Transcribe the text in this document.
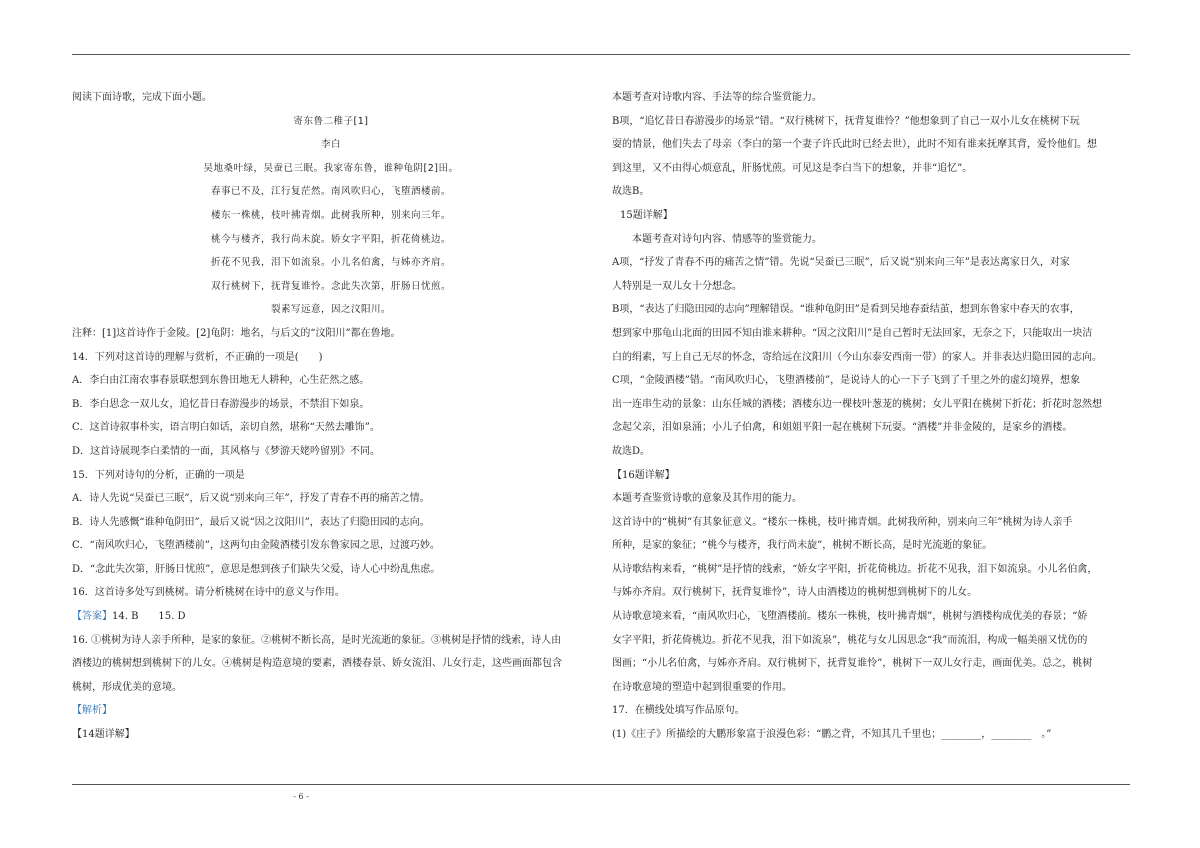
阅读下面诗歌，完成下面小题。

寄东鲁二稚子[1]

李白

吴地桑叶绿，吴蚕已三眠。我家寄东鲁，谁种龟阴[2]田。

春事已不及，江行复茫然。南风吹归心，飞堕酒楼前。

楼东一株桃，枝叶拂青烟。此树我所种，别来向三年。

桃今与楼齐，我行尚未旋。娇女字平阳，折花倚桃边。

折花不见我，泪下如流泉。小儿名伯禽，与姊亦齐肩。

双行桃树下，抚背复谁怜。念此失次第，肝肠日忧煎。

裂素写远意，因之汶阳川。

注释：[1]这首诗作于金陵。[2]龟阴：地名，与后文的“汶阳川”都在鲁地。

14．下列对这首诗的理解与赏析，不正确的一项是(　　)

A．李白由江南农事春景联想到东鲁田地无人耕种，心生茫然之感。

B．李白思念一双儿女，追忆昔日春游漫步的场景，不禁泪下如泉。

C．这首诗叙事朴实，语言明白如话，亲切自然，堪称“天然去雕饰”。

D．这首诗展现李白柔情的一面，其风格与《梦游天姥吟留别》不同。

15．下列对诗句的分析，正确的一项是

A．诗人先说“吴蚕已三眠”，后又说“别来向三年”，抒发了青春不再的痛苦之情。

B．诗人先感慨“谁种龟阴田”，最后又说“因之汶阳川”，表达了归隐田园的志向。

C．“南风吹归心，飞堕酒楼前”，这两句由金陵酒楼引发东鲁家园之思，过渡巧妙。

D．“念此失次第，肝肠日忧煎”，意思是想到孩子们缺失父爱，诗人心中纷乱焦虑。

16．这首诗多处写到桃树。请分析桃树在诗中的意义与作用。

【答案】14. B　　15. D

16. ①桃树为诗人亲手所种，是家的象征。②桃树不断长高，是时光流逝的象征。③桃树是抒情的线索，诗人由

酒楼边的桃树想到桃树下的儿女。④桃树是构造意境的要素，酒楼春景、娇女流泪、儿女行走，这些画面都包含

桃树，形成优美的意境。

【解析】

【14题详解】

本题考查对诗歌内容、手法等的综合鉴赏能力。

B项，“追忆昔日春游漫步的场景”错。“双行桃树下，抚背复谁怜？”他想象到了自己一双小儿女在桃树下玩

耍的情景，他们失去了母亲（李白的第一个妻子许氏此时已经去世），此时不知有谁来抚摩其背，爱怜他们。想

到这里，又不由得心烦意乱，肝肠忧煎。可见这是李白当下的想象，并非“追忆”。

故选B。

15题详解】

本题考查对诗句内容、情感等的鉴赏能力。

A项，“抒发了青春不再的痛苦之情”错。先说“吴蚕已三眠”，后又说“别来向三年”是表达离家日久，对家

人特别是一双儿女十分想念。

B项，“表达了归隐田园的志向”理解错误。“谁种龟阴田”是看到吴地春蚕结茧，想到东鲁家中春天的农事，

想到家中那龟山北面的田园不知由谁来耕种。“因之汶阳川”是自己暂时无法回家，无奈之下，只能取出一块洁

白的绢素，写上自己无尽的怀念，寄给远在汶阳川（今山东泰安西南一带）的家人。并非表达归隐田园的志向。

C项，“金陵酒楼”错。“南风吹归心，飞堕酒楼前”，是说诗人的心一下子飞到了千里之外的虚幻境界，想象

出一连串生动的景象：山东任城的酒楼；酒楼东边一棵枝叶葱茏的桃树；女儿平阳在桃树下折花；折花时忽然想

念起父亲，泪如泉涌；小儿子伯禽，和姐姐平阳一起在桃树下玩耍。“酒楼”并非金陵的，是家乡的酒楼。

故选D。

【16题详解】

本题考查鉴赏诗歌的意象及其作用的能力。

这首诗中的“桃树”有其象征意义。“楼东一株桃，枝叶拂青烟。此树我所种，别来向三年”桃树为诗人亲手

所种，是家的象征；“桃今与楼齐，我行尚未旋”，桃树不断长高，是时光流逝的象征。

从诗歌结构来看，“桃树”是抒情的线索，“娇女字平阳，折花倚桃边。折花不见我，泪下如流泉。小儿名伯禽，

与姊亦齐肩。双行桃树下，抚背复谁怜”，诗人由酒楼边的桃树想到桃树下的儿女。

从诗歌意境来看，“南风吹归心，飞堕酒楼前。楼东一株桃，枝叶拂青烟”，桃树与酒楼构成优美的春景；“娇

女字平阳，折花倚桃边。折花不见我，泪下如流泉”，桃花与女儿因思念“我”而流泪，构成一幅美丽又忧伤的

图画；“小儿名伯禽，与姊亦齐肩。双行桃树下，抚背复谁怜”，桃树下一双儿女行走，画面优美。总之，桃树

在诗歌意境的塑造中起到很重要的作用。

17．在横线处填写作品原句。

(1)《庄子》所描绘的大鹏形象富于浪漫色彩：“鹏之背，不知其几千里也；________，________　。”

- 6 -
